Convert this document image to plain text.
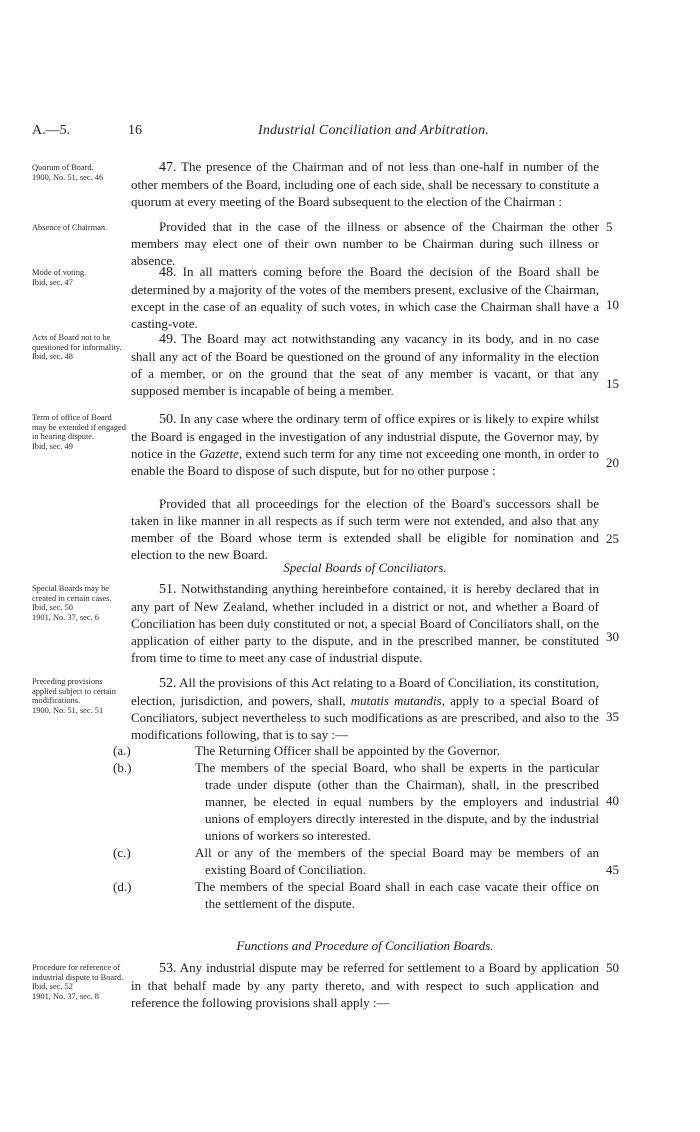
A.—5.	16	Industrial Conciliation and Arbitration.
Quorum of Board.
1900, No. 51, sec. 46
47. The presence of the Chairman and of not less than one-half in number of the other members of the Board, including one of each side, shall be necessary to constitute a quorum at every meeting of the Board subsequent to the election of the Chairman :
Absence of Chairman.	Provided that in the case of the illness or absence of the Chairman the other members may elect one of their own number to be Chairman during such illness or absence.
Mode of voting.
Ibid, sec. 47
48. In all matters coming before the Board the decision of the Board shall be determined by a majority of the votes of the members present, exclusive of the Chairman, except in the case of an equality of such votes, in which case the Chairman shall have a casting-vote.
Acts of Board not to be questioned for informality.
Ibid, sec. 48
49. The Board may act notwithstanding any vacancy in its body, and in no case shall any act of the Board be questioned on the ground of any informality in the election of a member, or on the ground that the seat of any member is vacant, or that any supposed member is incapable of being a member.
Term of office of Board may be extended if engaged in hearing dispute.
Ibid, sec. 49
50. In any case where the ordinary term of office expires or is likely to expire whilst the Board is engaged in the investigation of any industrial dispute, the Governor may, by notice in the Gazette, extend such term for any time not exceeding one month, in order to enable the Board to dispose of such dispute, but for no other purpose :
Provided that all proceedings for the election of the Board's successors shall be taken in like manner in all respects as if such term were not extended, and also that any member of the Board whose term is extended shall be eligible for nomination and election to the new Board.
Special Boards of Conciliators.
Special Boards may be created in certain cases.
Ibid, sec. 50
1901, No. 37, sec. 6
51. Notwithstanding anything hereinbefore contained, it is hereby declared that in any part of New Zealand, whether included in a district or not, and whether a Board of Conciliation has been duly constituted or not, a special Board of Conciliators shall, on the application of either party to the dispute, and in the prescribed manner, be constituted from time to time to meet any case of industrial dispute.
Preceding provisions applied subject to certain modifications.
1900, No. 51, sec. 51
52. All the provisions of this Act relating to a Board of Conciliation, its constitution, election, jurisdiction, and powers, shall, mutatis mutandis, apply to a special Board of Conciliators, subject nevertheless to such modifications as are prescribed, and also to the modifications following, that is to say :—
(a.)	The Returning Officer shall be appointed by the Governor.
(b.)	The members of the special Board, who shall be experts in the particular trade under dispute (other than the Chairman), shall, in the prescribed manner, be elected in equal numbers by the employers and industrial unions of employers directly interested in the dispute, and by the industrial unions of workers so interested.
(c.)	All or any of the members of the special Board may be members of an existing Board of Conciliation.
(d.)	The members of the special Board shall in each case vacate their office on the settlement of the dispute.
Functions and Procedure of Conciliation Boards.
Procedure for reference of industrial dispute to Board.
Ibid, sec. 52
1901, No. 37, sec. 8
53. Any industrial dispute may be referred for settlement to a Board by application in that behalf made by any party thereto, and with respect to such application and reference the following provisions shall apply :—
5
10
15
20
25
30
35
40
45
50
